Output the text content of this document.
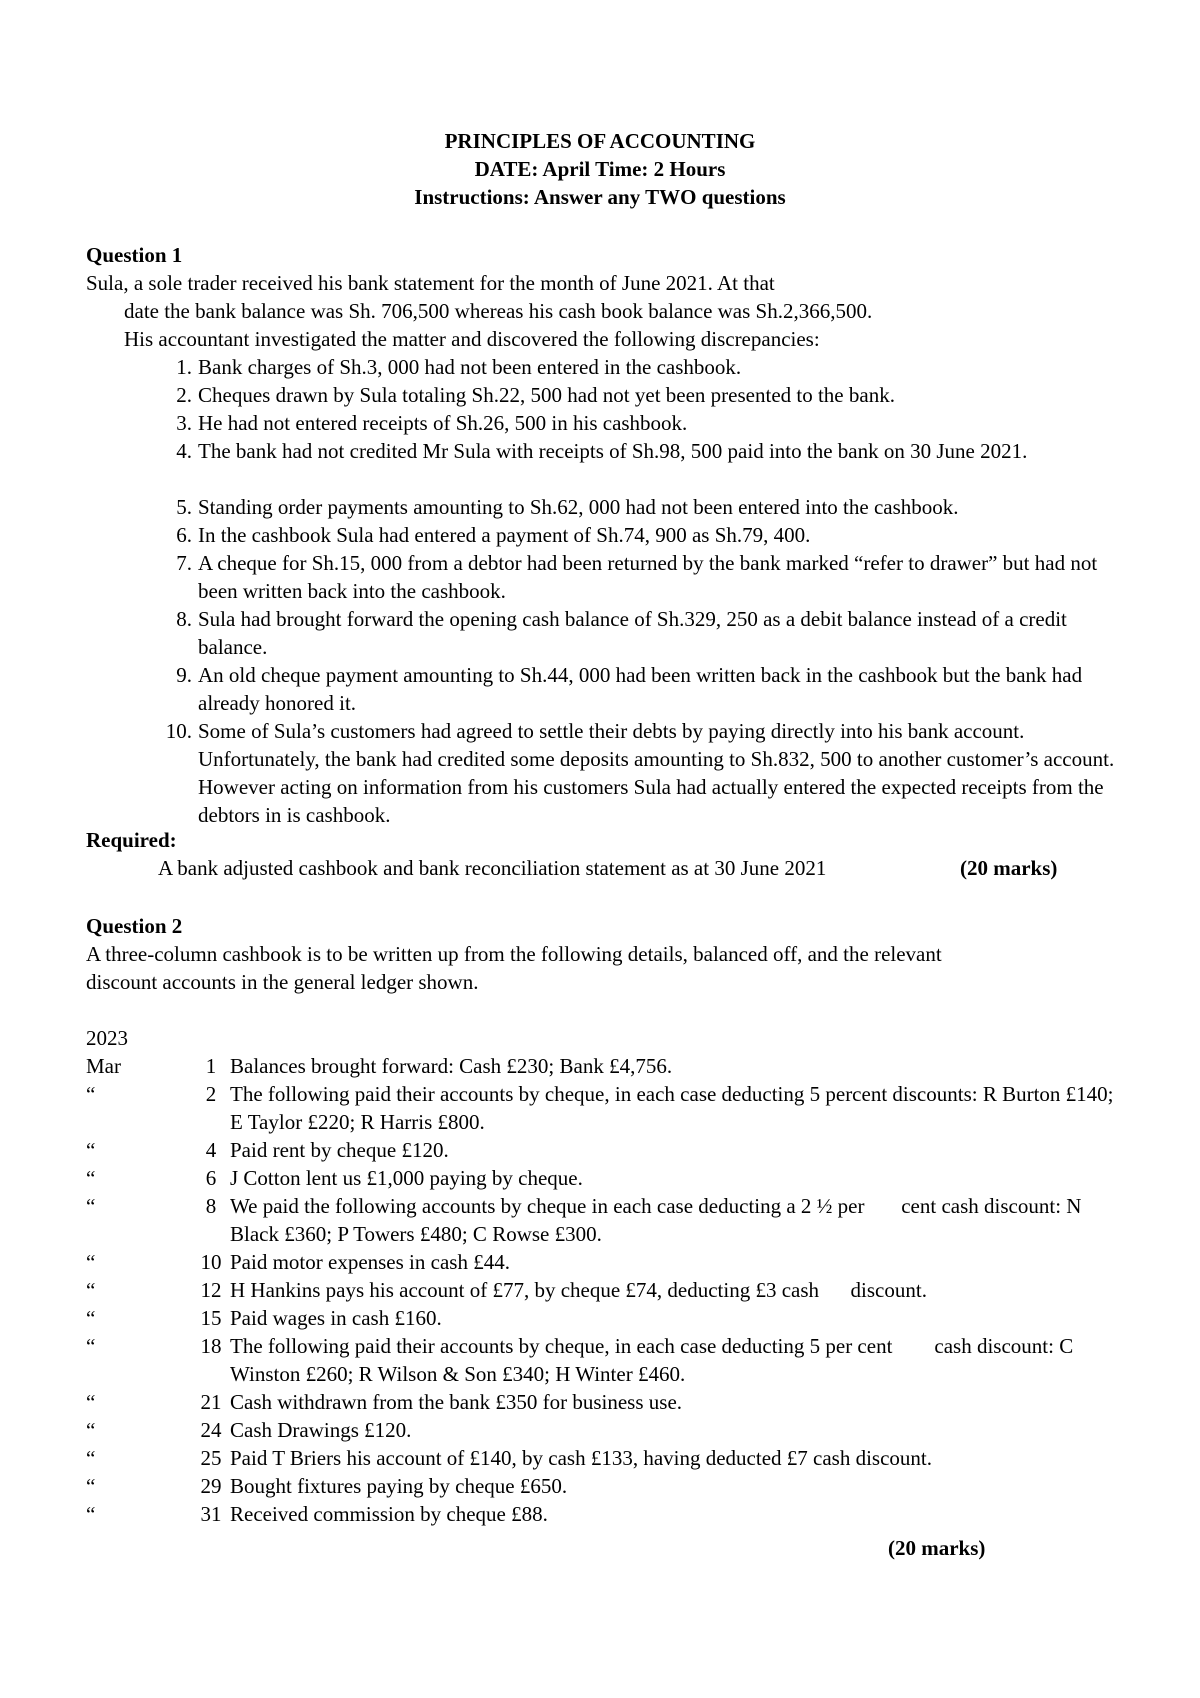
PRINCIPLES OF ACCOUNTING
DATE: April Time: 2 Hours
Instructions: Answer any TWO questions
Question 1
Sula, a sole trader received his bank statement for the month of June 2021. At that
date the bank balance was Sh. 706,500 whereas his cash book balance was Sh.2,366,500.
His accountant investigated the matter and discovered the following discrepancies:
1. Bank charges of Sh.3, 000 had not been entered in the cashbook.
2. Cheques drawn by Sula totaling Sh.22, 500 had not yet been presented to the bank.
3. He had not entered receipts of Sh.26, 500 in his cashbook.
4. The bank had not credited Mr Sula with receipts of Sh.98, 500 paid into the bank on 30 June 2021.
5. Standing order payments amounting to Sh.62, 000 had not been entered into the cashbook.
6. In the cashbook Sula had entered a payment of Sh.74, 900 as Sh.79, 400.
7. A cheque for Sh.15, 000 from a debtor had been returned by the bank marked “refer to drawer” but had not been written back into the cashbook.
8. Sula had brought forward the opening cash balance of Sh.329, 250 as a debit balance instead of a credit balance.
9. An old cheque payment amounting to Sh.44, 000 had been written back in the cashbook but the bank had already honored it.
10. Some of Sula’s customers had agreed to settle their debts by paying directly into his bank account. Unfortunately, the bank had credited some deposits amounting to Sh.832, 500 to another customer’s account. However acting on information from his customers Sula had actually entered the expected receipts from the debtors in is cashbook.
Required:
A bank adjusted cashbook and bank reconciliation statement as at 30 June 2021	(20 marks)
Question 2
A three-column cashbook is to be written up from the following details, balanced off, and the relevant
discount accounts in the general ledger shown.
2023
Mar	1 Balances brought forward: Cash £230; Bank £4,756.
“	2 The following paid their accounts by cheque, in each case deducting 5 percent discounts: R Burton £140; E Taylor £220; R Harris £800.
“	4 Paid rent by cheque £120.
“	6 J Cotton lent us £1,000 paying by cheque.
“	8 We paid the following accounts by cheque in each case deducting a 2 ½ per       cent cash discount: N Black £360; P Towers £480; C Rowse £300.
“	10 Paid motor expenses in cash £44.
“	12 H Hankins pays his account of £77, by cheque £74, deducting £3 cash      discount.
“	15 Paid wages in cash £160.
“	18 The following paid their accounts by cheque, in each case deducting 5 per cent        cash discount: C Winston £260; R Wilson & Son £340; H Winter £460.
“	21 Cash withdrawn from the bank £350 for business use.
“	24 Cash Drawings £120.
“	25 Paid T Briers his account of £140, by cash £133, having deducted £7 cash discount.
“	29 Bought fixtures paying by cheque £650.
“	31 Received commission by cheque £88.
(20 marks)
